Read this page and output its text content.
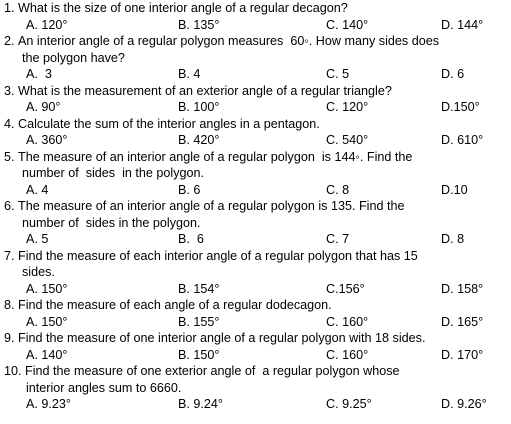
1.
What is the size of one interior angle of a regular decagon?
A. 120°	B. 135°	C. 140°	D. 144°
2.
An interior angle of a regular polygon measures  60◦. How many sides does
the polygon have?
A.  3	B. 4	C. 5	D. 6
3.
What is the measurement of an exterior angle of a regular triangle?
A. 90°	B. 100°	C. 120°	D.150°
4.
Calculate the sum of the interior angles in a pentagon.
A. 360°	B. 420°	C. 540°	D. 610°
5.
The measure of an interior angle of a regular polygon  is 144◦. Find the
number of  sides  in the polygon.
A. 4	B. 6	C. 8	D.10
6.
The measure of an interior angle of a regular polygon is 135. Find the
number of  sides in the polygon.
A. 5	B.  6	C. 7	D. 8
7.
Find the measure of each interior angle of a regular polygon that has 15
sides.
A. 150°	B. 154°	C.156°	D. 158°
8.
Find the measure of each angle of a regular dodecagon.
A. 150°	B. 155°	C. 160°	D. 165°
9.
Find the measure of one interior angle of a regular polygon with 18 sides.
A. 140°	B. 150°	C. 160°	D. 170°
10.
Find the measure of one exterior angle of  a regular polygon whose
interior angles sum to 6660.
A. 9.23°	B. 9.24°	C. 9.25°	D. 9.26°
